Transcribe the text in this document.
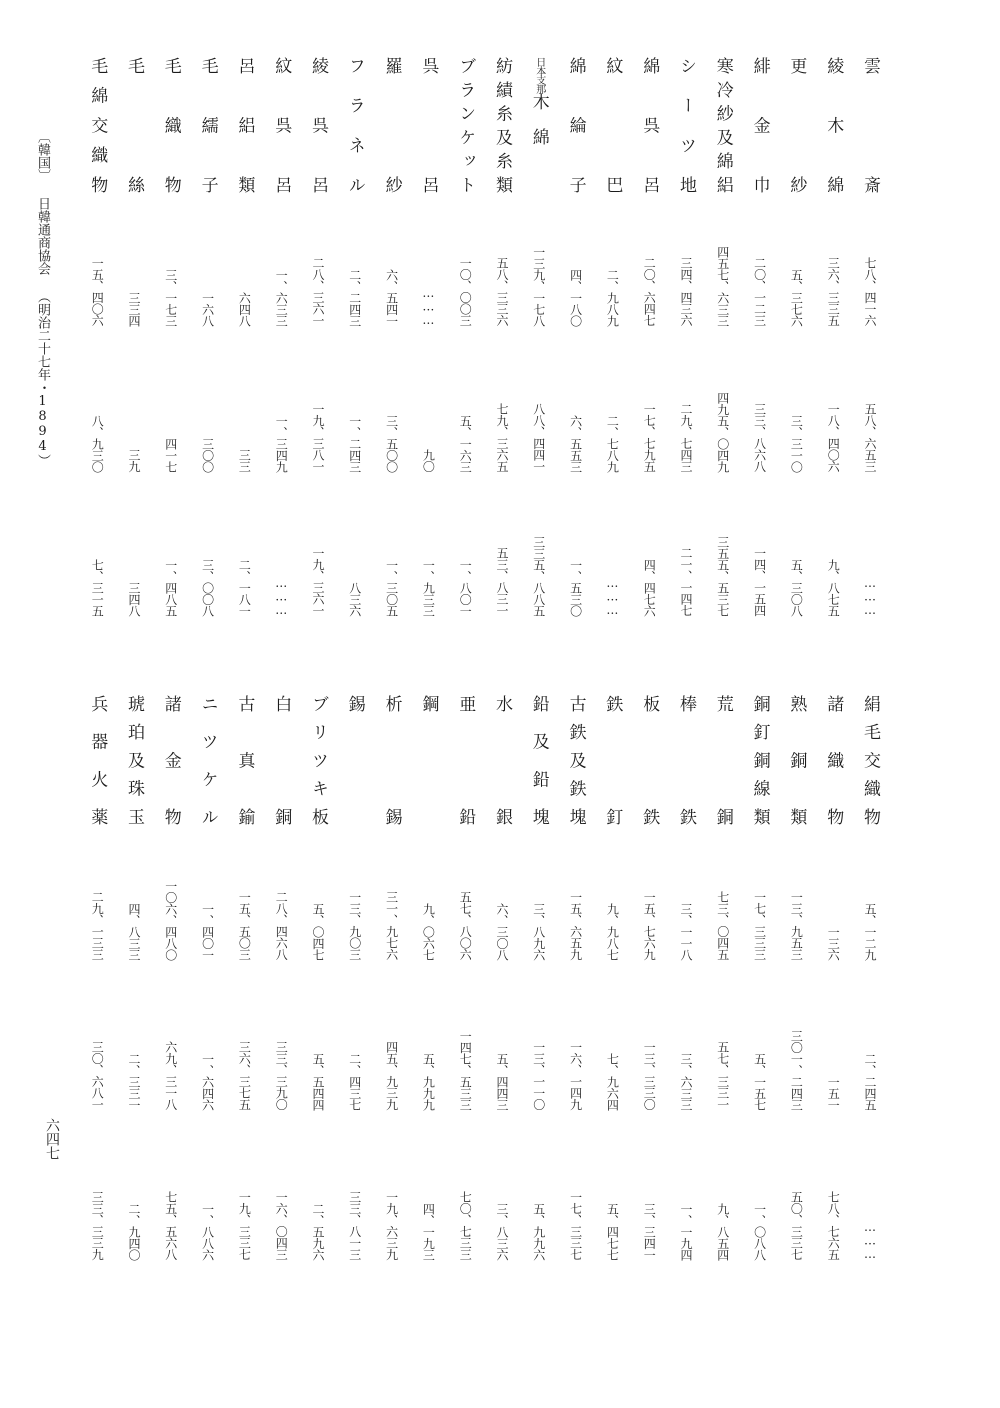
〔韓国〕 日韓通商協会 （明治二十七年・1894）
六四七
雲斎
七八、四一六
五八、六五三
………
綾木綿
三六、三三五
一八、四〇六
九、八七五
更紗
五、三七六
三、三一〇
五、三〇八
緋金巾
二〇、一二三
三三、八六八
一四、一五四
寒冷紗及綿絽
四五七、六三三
四九五、〇四九
三五五、五三七
シーツ地
三四、四三六
二九、七四三
二一、一四七
綿呉呂
二〇、六四七
一七、七九五
四、四七六
紋巴
二、九八九
二、七八九
………
綿綸子
四、一八〇
六、五五三
一、五三〇
日本支那木綿
一三九、一七八
八八、四四一
三三五、八八五
紡績糸及糸類
五八、三三六
七九、三六五
五三、八三一
ブランケット
一〇、〇〇三
五、一六三
一、八〇一
呉呂
………
九〇
一、九三三
羅紗
六、五四一
三、五〇〇
一、三〇五
フラネル
二、二四三
一、二四三
八三六
綾呉呂
二八、三六一
一九、三八一
一九、三六一
紋呉呂
一、六三三
一、三四九
………
呂絽類
六四八
三三
二、一八一
毛繻子
一六八
三〇〇
三、〇〇八
毛織物
三、一七三
四一七
一、四八五
毛絲
三三四
三九
三四八
毛綿交織物
一五、四〇六
八、九三〇
七、三一五
絹毛交織物
五、一二九
二、二四五
………
諸織物
一三六
一五一
七八、七六五
熟銅類
一三、九五三
三〇一、二四三
五〇、三三七
銅釘銅線類
一七、三三三
五、一五七
一、〇八八
荒銅
七三、〇四五
五七、三三一
九、八五四
棒鉄
三、一一八
三、六三三
一、一九四
板鉄
一五、七六九
一三、三三〇
三、三四一
鉄釘
九、九八七
七、九六四
五、四七七
古鉄及鉄塊
一五、六五九
一六、一四九
一七、三三七
鉛及鉛塊
三、八九六
一三、一一〇
五、九九六
水銀
六、三〇八
五、四四三
三、八三六
亜鉛
五七、八〇六
一四七、五三三
七〇、七三三
鋼
九、〇六七
五、九九九
四、一九三
析錫
三一、九七六
四五、九三九
一九、六三九
錫
一三、九〇三
二、四三七
三三、八一三
ブリツキ板
五、〇四七
五、五四四
二、五九六
白銅
二八、四六八
三三、三九〇
一六、〇四三
古真鍮
一五、五〇三
三六、三七五
一九、三三七
ニツケル
一、四〇一
一、六四六
一、八八六
諸金物
一〇六、四八〇
六九、三一八
七五、五六八
琥珀及珠玉
四、八三三
二、三三一
二、九四〇
兵器火薬
二九、一三三
三〇、六八一
三三、三三九
